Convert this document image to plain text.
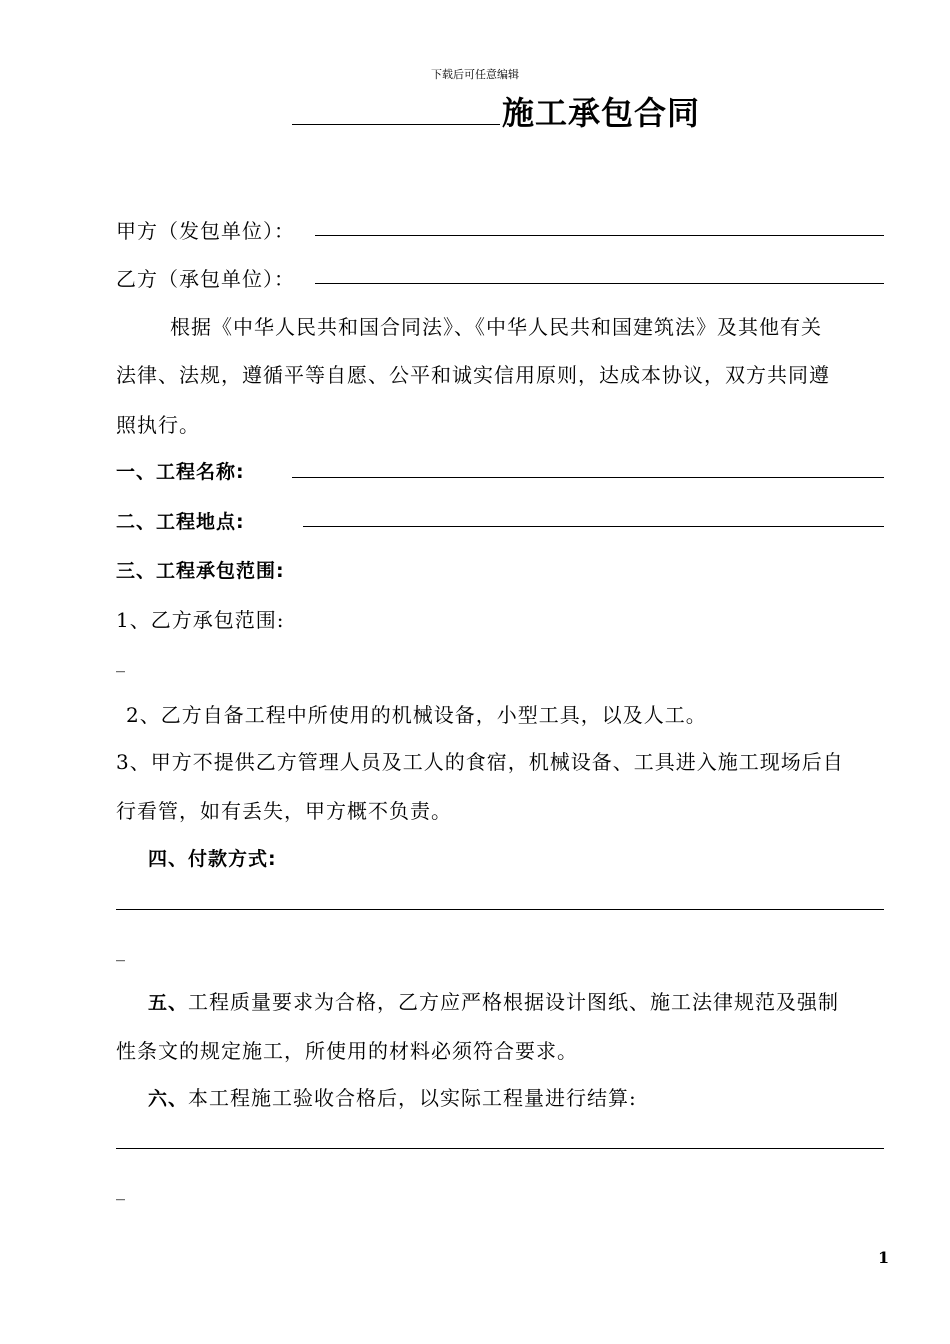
下载后可任意编辑
施工承包合同
甲方（发包单位）：
乙方（承包单位）：
根据《中华人民共和国合同法》、《中华人民共和国建筑法》及其他有关
法律、法规，遵循平等自愿、公平和诚实信用原则，达成本协议，双方共同遵
照执行。
一、工程名称:
二、工程地点:
三、工程承包范围:
1、乙方承包范围:
_
2、乙方自备工程中所使用的机械设备，小型工具，以及人工。
3、甲方不提供乙方管理人员及工人的食宿，机械设备、工具进入施工现场后自
行看管，如有丢失，甲方概不负责。
四、付款方式:
_
五、工程质量要求为合格，乙方应严格根据设计图纸、施工法律规范及强制
性条文的规定施工，所使用的材料必须符合要求。
六、本工程施工验收合格后，以实际工程量进行结算:
_
1
